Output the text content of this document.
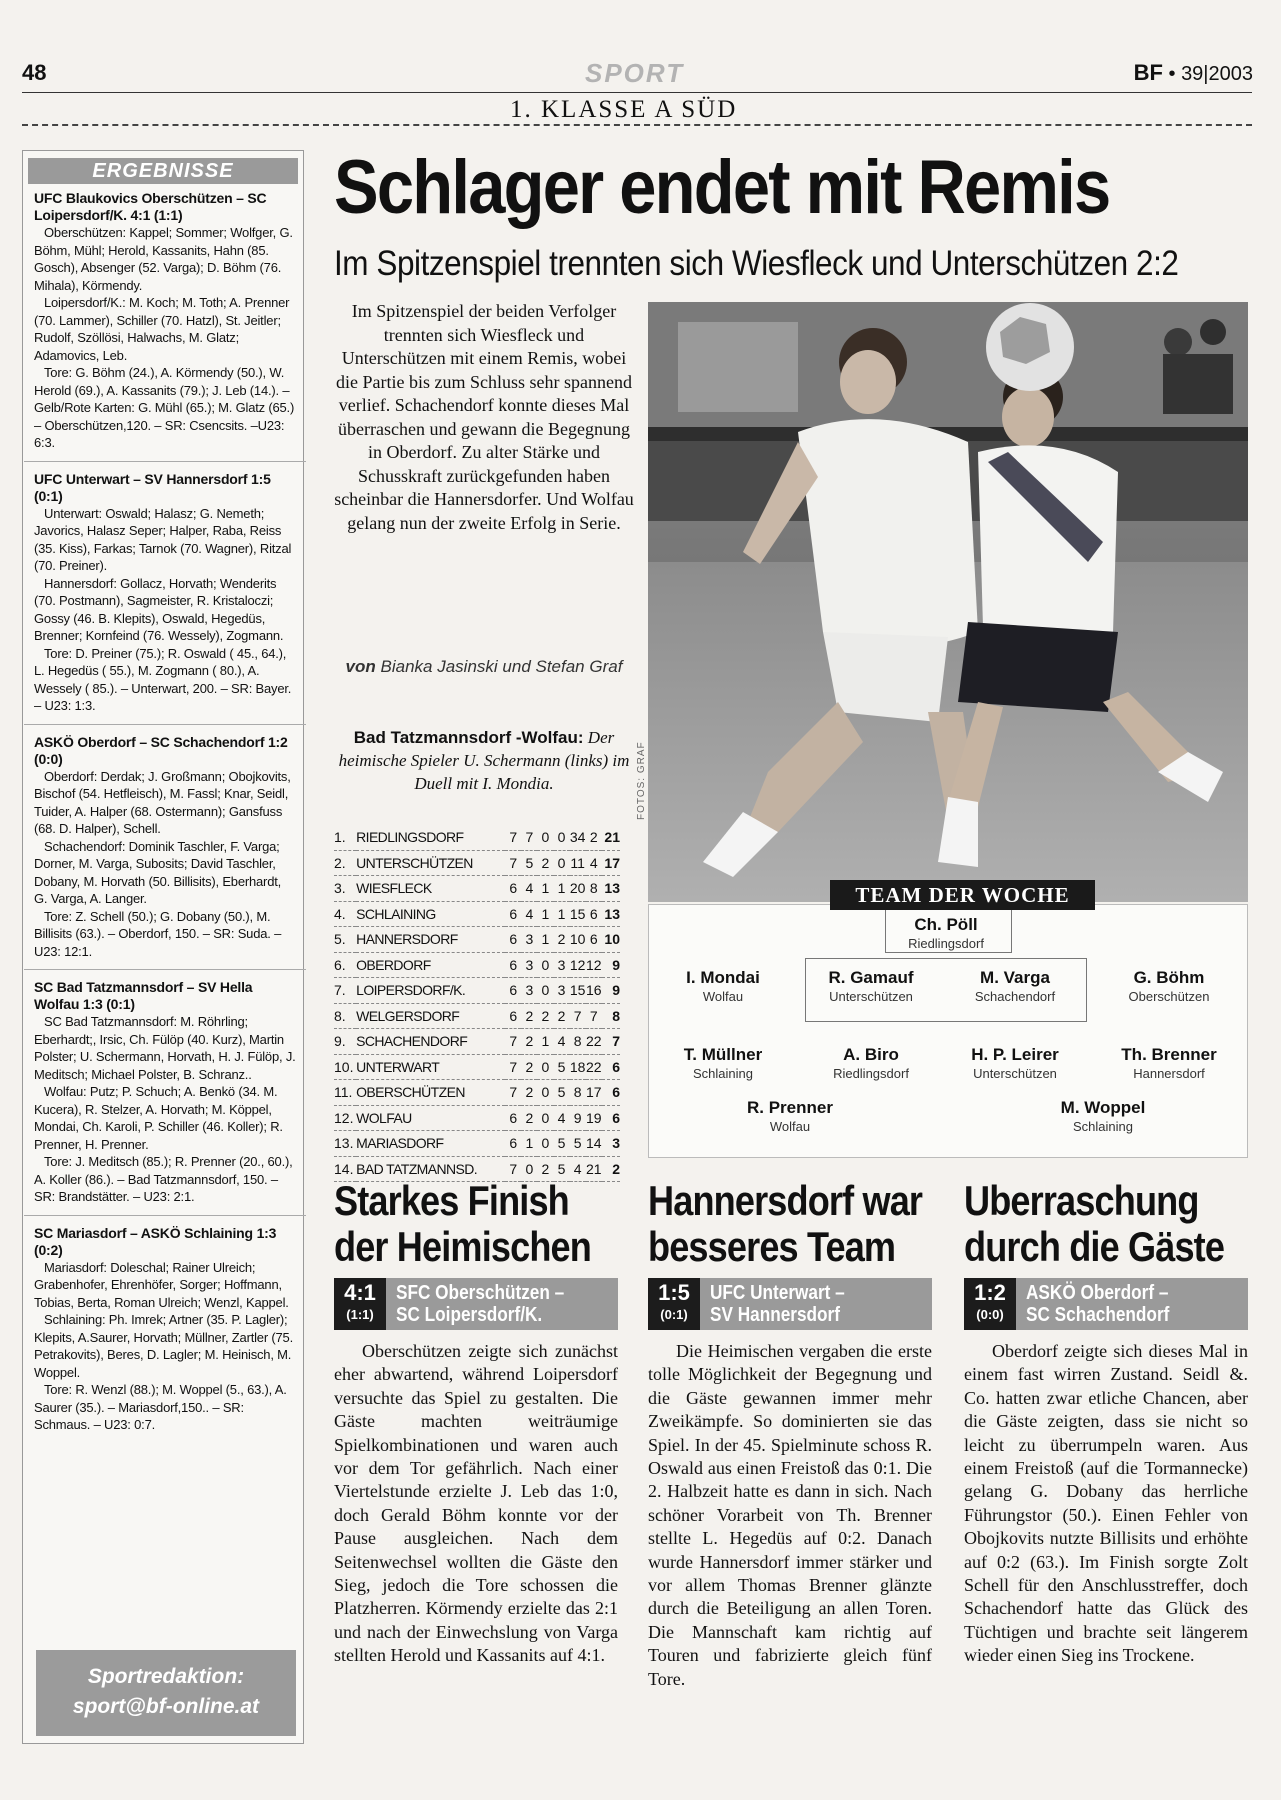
48	SPORT	BF • 39|2003
1. KLASSE A SÜD
ERGEBNISSE
UFC Blaukovics Oberschützen – SC Loipersdorf/K. 4:1 (1:1)

Oberschützen: Kappel; Sommer; Wolfger, G. Böhm, Mühl; Herold, Kassanits, Hahn (85. Gosch), Absenger (52. Varga); D. Böhm (76. Mihala), Körmendy.

Loipersdorf/K.: M. Koch; M. Toth; A. Prenner (70. Lammer), Schiller (70. Hatzl), St. Jeitler; Rudolf, Szöllösi, Halwachs, M. Glatz; Adamovics, Leb.

Tore: G. Böhm (24.), A. Körmendy (50.), W. Herold (69.), A. Kassanits (79.); J. Leb (14.). – Gelb/Rote Karten: G. Mühl (65.); M. Glatz (65.) – Oberschützen,120. – SR: Csencsits. –U23: 6:3.

UFC Unterwart – SV Hannersdorf 1:5 (0:1)

Unterwart: Oswald; Halasz; G. Nemeth; Javorics, Halasz Seper; Halper, Raba, Reiss (35. Kiss), Farkas; Tarnok (70. Wagner), Ritzal (70. Preiner).

Hannersdorf: Gollacz, Horvath; Wenderits (70. Postmann), Sagmeister, R. Kristaloczi; Gossy (46. B. Klepits), Oswald, Hegedüs, Brenner; Kornfeind (76. Wessely), Zogmann.

Tore: D. Preiner (75.); R. Oswald ( 45., 64.), L. Hegedüs ( 55.), M. Zogmann ( 80.), A. Wessely ( 85.). – Unterwart, 200. – SR: Bayer. – U23: 1:3.

ASKÖ Oberdorf – SC Schachendorf 1:2 (0:0)

Oberdorf: Derdak; J. Großmann; Obojkovits, Bischof (54. Hetfleisch), M. Fassl; Knar, Seidl, Tuider, A. Halper (68. Ostermann); Gansfuss (68. D. Halper), Schell.

Schachendorf: Dominik Taschler, F. Varga; Dorner, M. Varga, Subosits; David Taschler, Dobany, M. Horvath (50. Billisits), Eberhardt, G. Varga, A. Langer.

Tore: Z. Schell (50.); G. Dobany (50.), M. Billisits (63.). – Oberdorf, 150. – SR: Suda. – U23: 12:1.

SC Bad Tatzmannsdorf – SV Hella Wolfau 1:3 (0:1)

SC Bad Tatzmannsdorf: M. Röhrling; Eberhardt;, Irsic, Ch. Fülöp (40. Kurz), Martin Polster; U. Schermann, Horvath, H. J. Fülöp, J. Meditsch; Michael Polster, B. Schranz..

Wolfau: Putz; P. Schuch; A. Benkö (34. M. Kucera), R. Stelzer, A. Horvath; M. Köppel, Mondai, Ch. Karoli, P. Schiller (46. Koller); R. Prenner, H. Prenner.

Tore: J. Meditsch (85.); R. Prenner (20., 60.), A. Koller (86.). – Bad Tatzmannsdorf, 150. – SR: Brandstätter. – U23: 2:1.

SC Mariasdorf – ASKÖ Schlaining 1:3 (0:2)

Mariasdorf: Doleschal; Rainer Ulreich; Grabenhofer, Ehrenhöfer, Sorger; Hoffmann, Tobias, Berta, Roman Ulreich; Wenzl, Kappel.

Schlaining: Ph. Imrek; Artner (35. P. Lagler); Klepits, A.Saurer, Horvath; Müllner, Zartler (75. Petrakovits), Beres, D. Lagler; M. Heinisch, M. Woppel.

Tore: R. Wenzl (88.); M. Woppel (5., 63.), A. Saurer (35.). – Mariasdorf,150.. – SR: Schmaus. – U23: 0:7.

Sportredaktion:
sport@bf-online.at
Schlager endet mit Remis
Im Spitzenspiel trennten sich Wiesfleck und Unterschützen 2:2
Im Spitzenspiel der beiden Verfolger trennten sich Wiesfleck und Unterschützen mit einem Remis, wobei die Partie bis zum Schluss sehr spannend verlief. Schachendorf konnte dieses Mal überraschen und gewann die Begegnung in Oberdorf. Zu alter Stärke und Schusskraft zurückgefunden haben scheinbar die Hannersdorfer. Und Wolfau gelang nun der zweite Erfolg in Serie.
von Bianka Jasinski und Stefan Graf
Bad Tatzmannsdorf -Wolfau: Der heimische Spieler U. Schermann (links) im Duell mit I. Mondia.	FOTOS: GRAF
1.	RIEDLINGSDORF	7	7	0	0	34	2	21
2.	UNTERSCHÜTZEN	7	5	2	0	11	4	17
3.	WIESFLECK	6	4	1	1	20	8	13
4.	SCHLAINING	6	4	1	1	15	6	13
5.	HANNERSDORF	6	3	1	2	10	6	10
6.	OBERDORF	6	3	0	3	12	12	9
7.	LOIPERSDORF/K.	6	3	0	3	15	16	9
8.	WELGERSDORF	6	2	2	2	7	7	8
9.	SCHACHENDORF	7	2	1	4	8	22	7
10.	UNTERWART	7	2	0	5	18	22	6
11.	OBERSCHÜTZEN	7	2	0	5	8	17	6
12.	WOLFAU	6	2	0	4	9	19	6
13.	MARIASDORF	6	1	0	5	5	14	3
14.	BAD TATZMANNSD.	7	0	2	5	4	21	2
TEAM DER WOCHE
Ch. Pöll
Riedlingsdorf
I. Mondai
Wolfau
R. Gamauf
Unterschützen
M. Varga
Schachendorf
G. Böhm
Oberschützen
T. Müllner
Schlaining
A. Biro
Riedlingsdorf
H. P. Leirer
Unterschützen
Th. Brenner
Hannersdorf
R. Prenner
Wolfau
M. Woppel
Schlaining
Starkes Finish
der Heimischen
4:1
(1:1)
SFC Oberschützen –
SC Loipersdorf/K.

Oberschützen zeigte sich zunächst eher abwartend, während Loipersdorf versuchte das Spiel zu gestalten. Die Gäste machten weiträumige Spielkombinationen und waren auch vor dem Tor gefährlich. Nach einer Viertelstunde erzielte J. Leb das 1:0, doch Gerald Böhm konnte vor der Pause ausgleichen. Nach dem Seitenwechsel wollten die Gäste den Sieg, jedoch die Tore schossen die Platzherren. Körmendy erzielte das 2:1 und nach der Einwechslung von Varga stellten Herold und Kassanits auf 4:1.

Hannersdorf war
besseres Team
1:5
(0:1)
UFC Unterwart –
SV Hannersdorf

Die Heimischen vergaben die erste tolle Möglichkeit der Begegnung und die Gäste gewannen immer mehr Zweikämpfe. So dominierten sie das Spiel. In der 45. Spielminute schoss R. Oswald aus einen Freistoß das 0:1. Die 2. Halbzeit hatte es dann in sich. Nach schöner Vorarbeit von Th. Brenner stellte L. Hegedüs auf 0:2. Danach wurde Hannersdorf immer stärker und vor allem Thomas Brenner glänzte durch die Beteiligung an allen Toren. Die Mannschaft kam richtig auf Touren und fabrizierte gleich fünf Tore.

Uberraschung
durch die Gäste
1:2
(0:0)
ASKÖ Oberdorf –
SC Schachendorf

Oberdorf zeigte sich dieses Mal in einem fast wirren Zustand. Seidl &. Co. hatten zwar etliche Chancen, aber die Gäste zeigten, dass sie nicht so leicht zu überrumpeln waren. Aus einem Freistoß (auf die Tormannecke) gelang G. Dobany das herrliche Führungstor (50.). Einen Fehler von Obojkovits nutzte Billisits und erhöhte auf 0:2 (63.). Im Finish sorgte Zolt Schell für den Anschlusstreffer, doch Schachendorf hatte das Glück des Tüchtigen und brachte seit längerem wieder einen Sieg ins Trockene.
